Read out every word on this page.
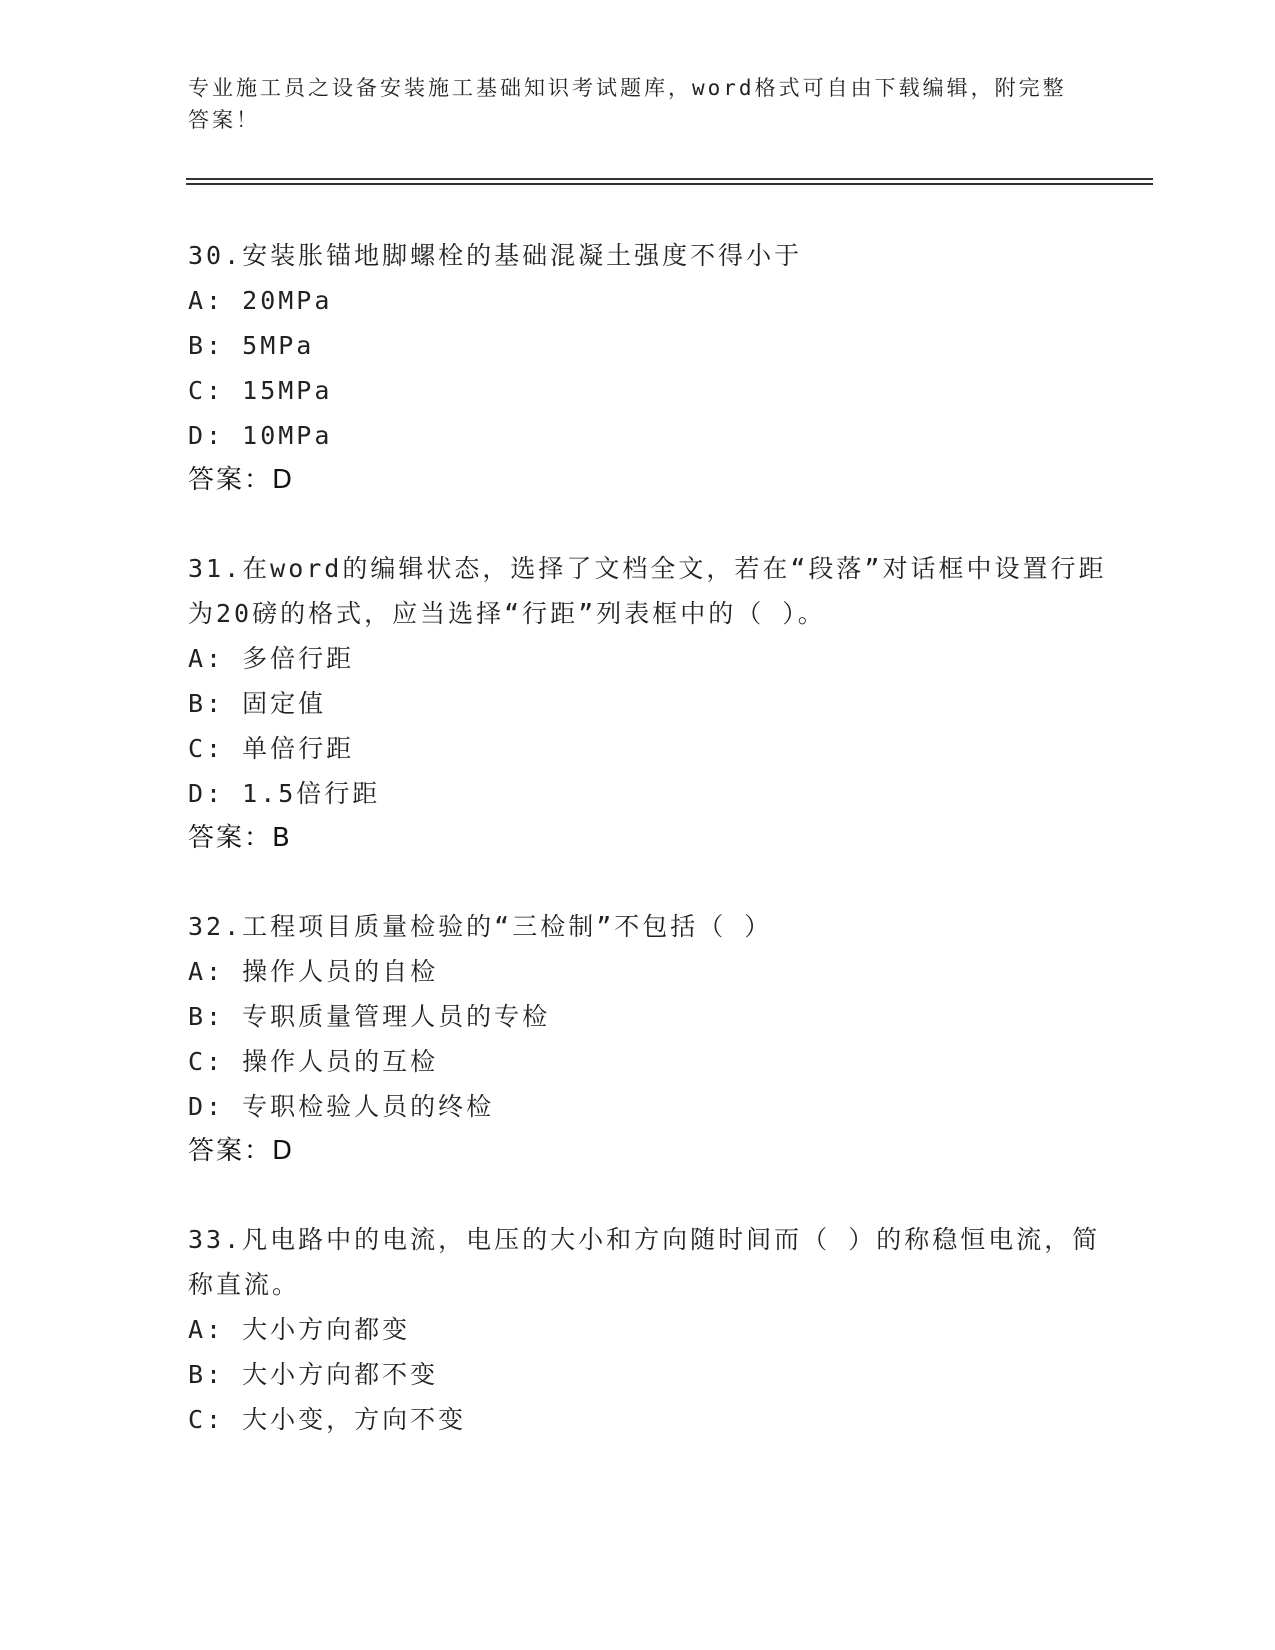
专业施工员之设备安装施工基础知识考试题库，word格式可自由下载编辑，附完整答案！
30.安装胀锚地脚螺栓的基础混凝土强度不得小于
A: 20MPa
B: 5MPa
C: 15MPa
D: 10MPa
答案：D
31.在word的编辑状态，选择了文档全文，若在“段落”对话框中设置行距为20磅的格式，应当选择“行距”列表框中的（ ）。
A: 多倍行距
B: 固定值
C: 单倍行距
D: 1.5倍行距
答案：B
32.工程项目质量检验的“三检制”不包括（ ）
A: 操作人员的自检
B: 专职质量管理人员的专检
C: 操作人员的互检
D: 专职检验人员的终检
答案：D
33.凡电路中的电流，电压的大小和方向随时间而（ ）的称稳恒电流，简称直流。
A: 大小方向都变
B: 大小方向都不变
C: 大小变，方向不变
